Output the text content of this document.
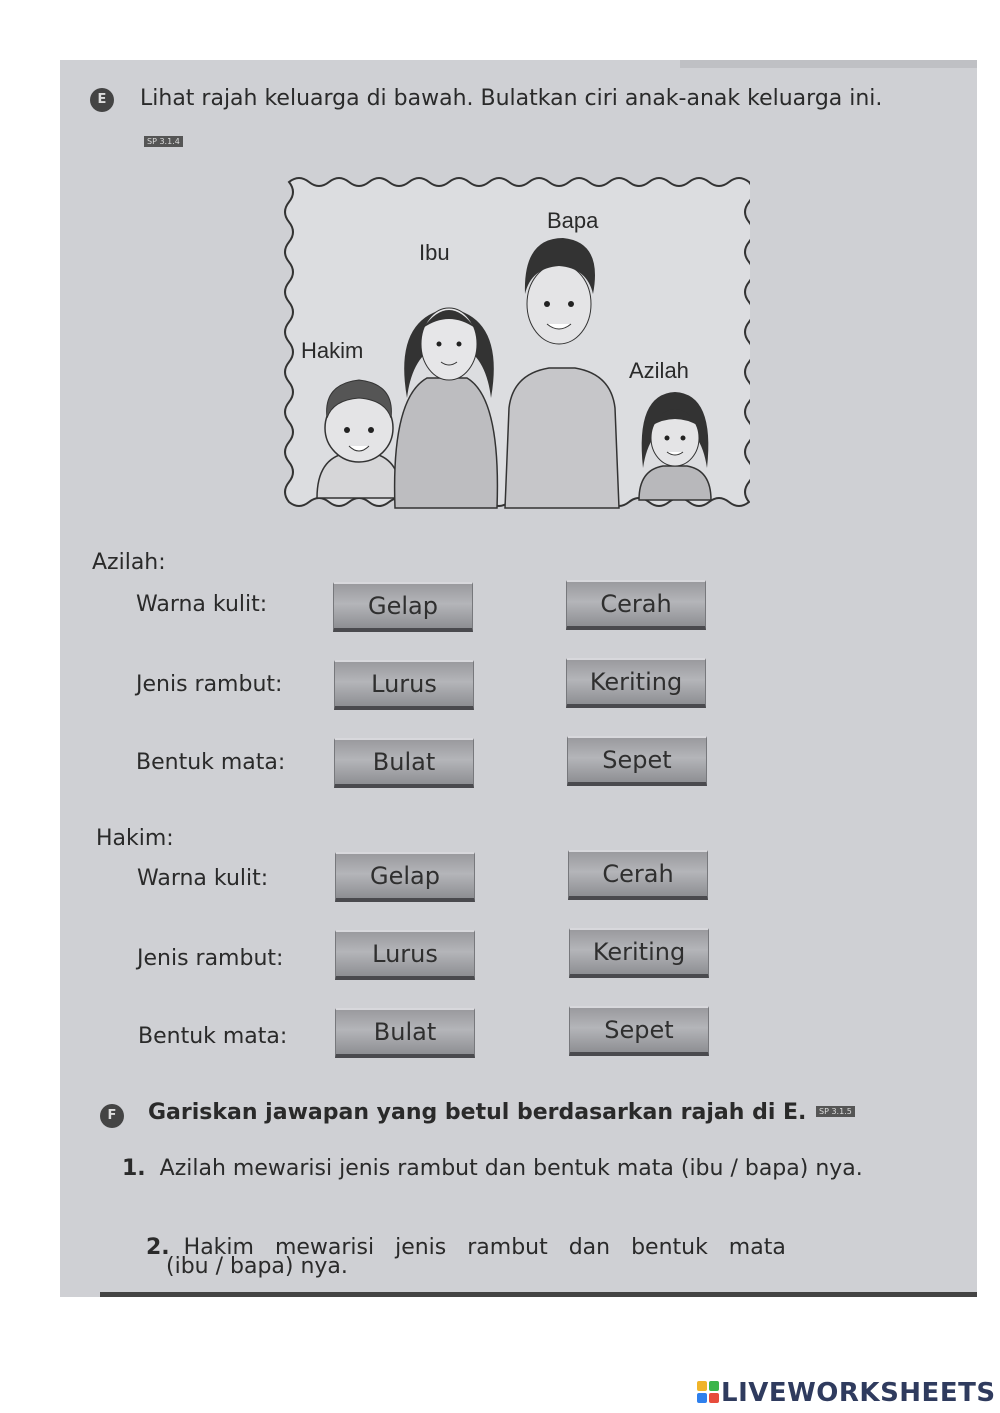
E	Lihat rajah keluarga di bawah. Bulatkan ciri anak-anak keluarga ini.
SP 3.1.4
Bapa
Ibu
Hakim
Azilah
Azilah:
Warna kulit:	Gelap	Cerah
Jenis rambut:	Lurus	Keriting
Bentuk mata:	Bulat	Sepet
Hakim:
Warna kulit:	Gelap	Cerah
Jenis rambut:	Lurus	Keriting
Bentuk mata:	Bulat	Sepet
F	Gariskan jawapan yang betul berdasarkan rajah di E.	SP 3.1.5
1. Azilah mewarisi jenis rambut dan bentuk mata (ibu / bapa) nya.

2. Hakim   mewarisi   jenis   rambut   dan   bentuk   mata

(ibu / bapa) nya.
LIVEWORKSHEETS
